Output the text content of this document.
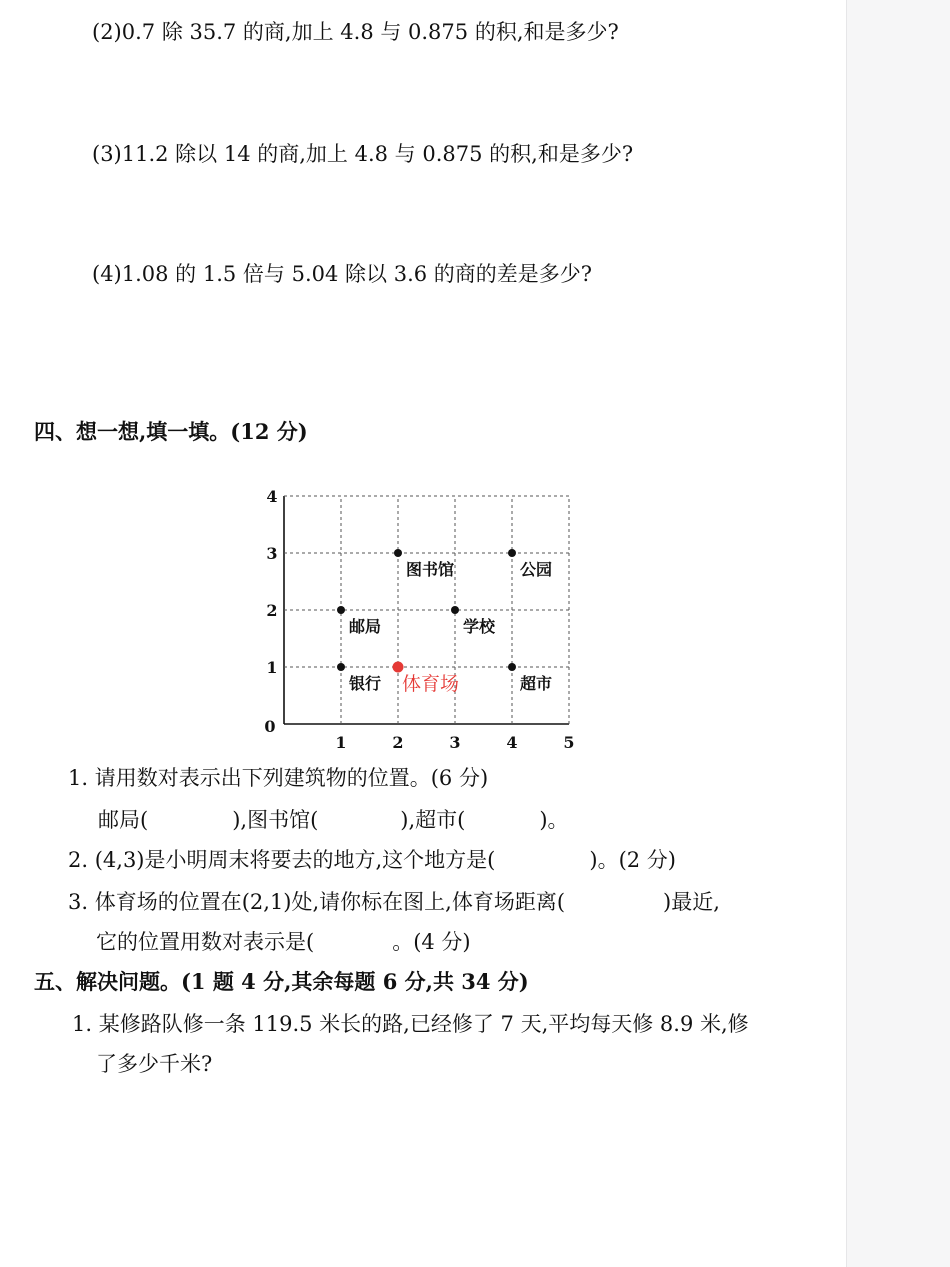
(2)0.7 除 35.7 的商,加上 4.8 与 0.875 的积,和是多少?
(3)11.2 除以 14 的商,加上 4.8 与 0.875 的积,和是多少?
(4)1.08 的 1.5 倍与 5.04 除以 3.6 的商的差是多少?
四、想一想,填一填。(12 分)
1	2	3	4	5
1
2
3
4
0
图书馆	公园
邮局	学校
银行	超市
体育场
1. 请用数对表示出下列建筑物的位置。(6 分)
邮局(	),图书馆(	),超市(	)。
2. (4,3)是小明周末将要去的地方,这个地方是(	)。(2 分)
3. 体育场的位置在(2,1)处,请你标在图上,体育场距离(	)最近,
它的位置用数对表示是(	。(4 分)
五、解决问题。(1 题 4 分,其余每题 6 分,共 34 分)
1. 某修路队修一条 119.5 米长的路,已经修了 7 天,平均每天修 8.9 米,修
了多少千米?
